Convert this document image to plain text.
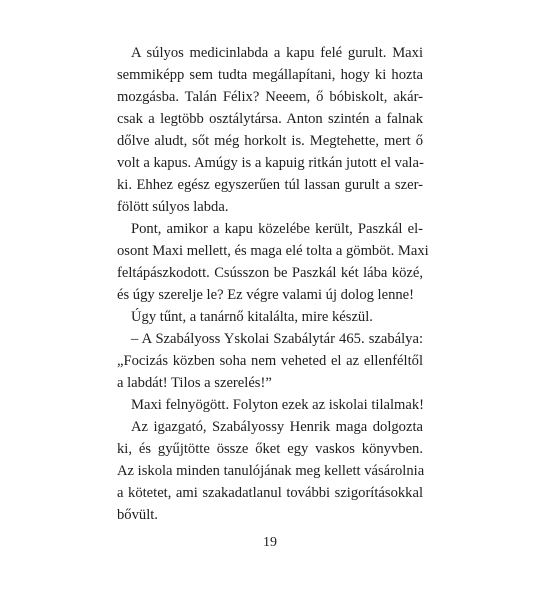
A súlyos medicinlabda a kapu felé gurult. Maxi
semmiképp sem tudta megállapítani, hogy ki hozta
mozgásba. Talán Félix? Neeem, ő bóbiskolt, akár-
csak a legtöbb osztálytársa. Anton szintén a falnak
dőlve aludt, sőt még horkolt is. Megtehette, mert ő
volt a kapus. Amúgy is a kapuig ritkán jutott el vala-
ki. Ehhez egész egyszerűen túl lassan gurult a szer-
fölött súlyos labda.
Pont, amikor a kapu közelébe került, Paszkál el-
osont Maxi mellett, és maga elé tolta a gömböt. Maxi
feltápászkodott. Csússzon be Paszkál két lába közé,
és úgy szerelje le? Ez végre valami új dolog lenne!
Úgy tűnt, a tanárnő kitalálta, mire készül.
– A Szabályoss Yskolai Szabálytár 465. szabálya:
„Focizás közben soha nem veheted el az ellenféltől
a labdát! Tilos a szerelés!”
Maxi felnyögött. Folyton ezek az iskolai tilalmak!
Az igazgató, Szabályossy Henrik maga dolgozta
ki, és gyűjtötte össze őket egy vaskos könyvben.
Az iskola minden tanulójának meg kellett vásárolnia
a kötetet, ami szakadatlanul további szigorításokkal
bővült.
19
